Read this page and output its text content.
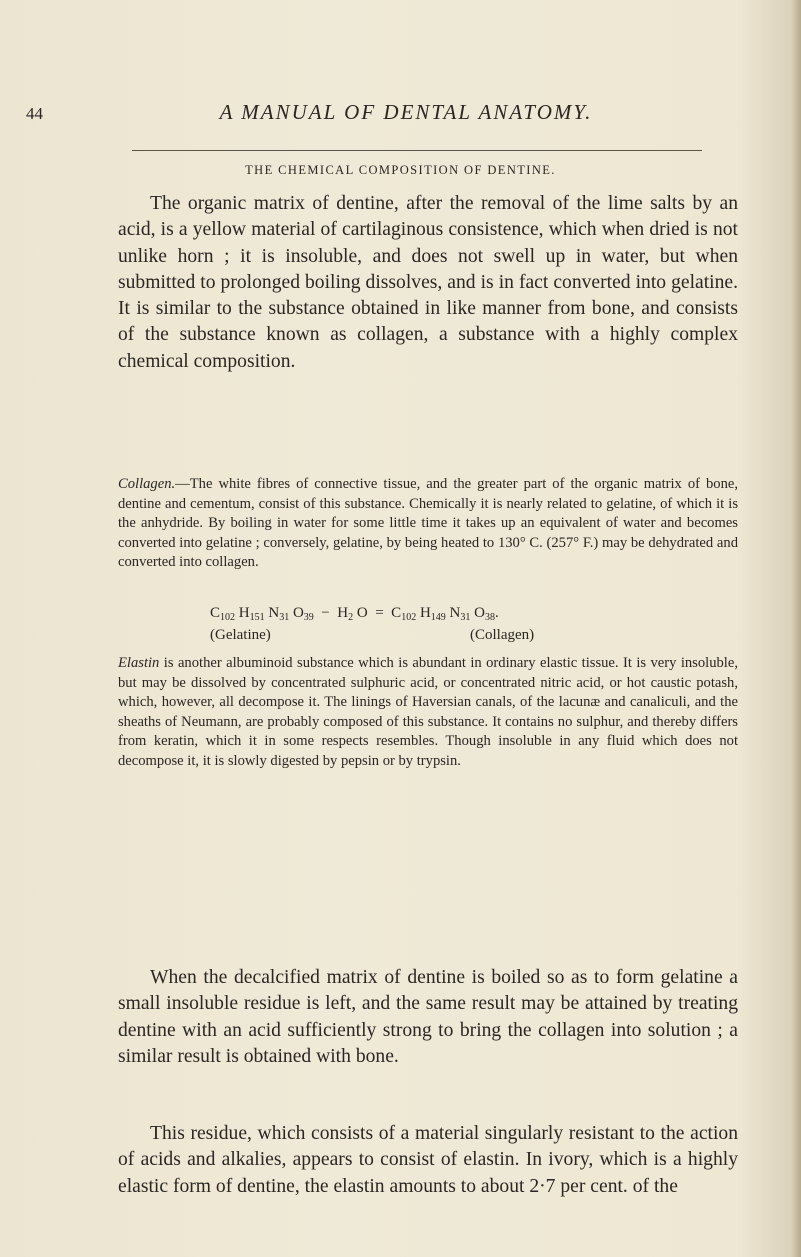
44	A MANUAL OF DENTAL ANATOMY.
THE CHEMICAL COMPOSITION OF DENTINE.

The organic matrix of dentine, after the removal of the lime salts by an acid, is a yellow material of cartilaginous consistence, which when dried is not unlike horn ; it is insoluble, and does not swell up in water, but when submitted to prolonged boiling dissolves, and is in fact converted into gelatine. It is similar to the substance obtained in like manner from bone, and consists of the substance known as collagen, a substance with a highly complex chemical composition.

Collagen.—The white fibres of connective tissue, and the greater part of the organic matrix of bone, dentine and cementum, consist of this substance. Chemically it is nearly related to gelatine, of which it is the anhydride. By boiling in water for some little time it takes up an equivalent of water and becomes converted into gelatine ; conversely, gelatine, by being heated to 130° C. (257° F.) may be dehydrated and converted into collagen.

$C_{102}$ $H_{151}$ $N_{31}$ $O_{39} - H_2$ $O = C_{102}$ $H_{149}$ $N_{31}$ $O_{38}$.
(Gelatine)	(Collagen)

Elastin is another albuminoid substance which is abundant in ordinary elastic tissue. It is very insoluble, but may be dissolved by concentrated sulphuric acid, or concentrated nitric acid, or hot caustic potash, which, however, all decompose it. The linings of Haversian canals, of the lacunæ and canaliculi, and the sheaths of Neumann, are probably composed of this substance. It contains no sulphur, and thereby differs from keratin, which it in some respects resembles. Though insoluble in any fluid which does not decompose it, it is slowly digested by pepsin or by trypsin.

When the decalcified matrix of dentine is boiled so as to form gelatine a small insoluble residue is left, and the same result may be attained by treating dentine with an acid sufficiently strong to bring the collagen into solution ; a similar result is obtained with bone.

This residue, which consists of a material singularly resistant to the action of acids and alkalies, appears to consist of elastin. In ivory, which is a highly elastic form of dentine, the elastin amounts to about 2·7 per cent. of the
